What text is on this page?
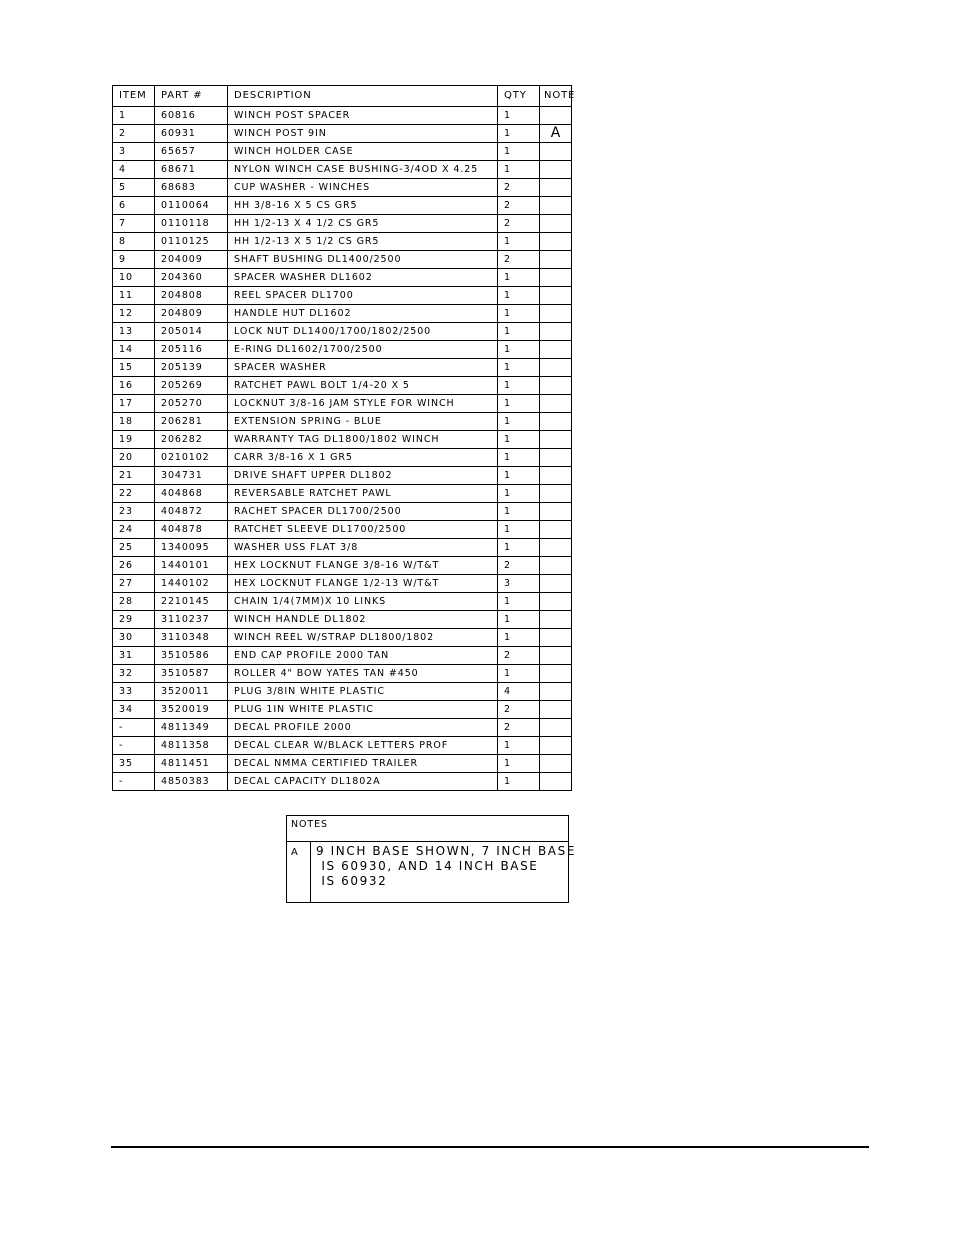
ITEM	PART #	DESCRIPTION	QTY	NOTE
1	60816	WINCH POST SPACER	1	
2	60931	WINCH POST 9IN	1	A
3	65657	WINCH HOLDER CASE	1	
4	68671	NYLON WINCH CASE BUSHING-3/4OD X 4.25	1	
5	68683	CUP WASHER - WINCHES	2	
6	0110064	HH 3/8-16 X 5 CS GR5	2	
7	0110118	HH 1/2-13 X 4 1/2 CS GR5	2	
8	0110125	HH 1/2-13 X 5 1/2 CS GR5	1	
9	204009	SHAFT BUSHING DL1400/2500	2	
10	204360	SPACER WASHER DL1602	1	
11	204808	REEL SPACER DL1700	1	
12	204809	HANDLE HUT DL1602	1	
13	205014	LOCK NUT DL1400/1700/1802/2500	1	
14	205116	E-RING DL1602/1700/2500	1	
15	205139	SPACER WASHER	1	
16	205269	RATCHET PAWL BOLT 1/4-20 X 5	1	
17	205270	LOCKNUT 3/8-16 JAM STYLE FOR WINCH	1	
18	206281	EXTENSION SPRING - BLUE	1	
19	206282	WARRANTY TAG DL1800/1802 WINCH	1	
20	0210102	CARR 3/8-16 X 1 GR5	1	
21	304731	DRIVE SHAFT UPPER DL1802	1	
22	404868	REVERSABLE RATCHET PAWL	1	
23	404872	RACHET SPACER DL1700/2500	1	
24	404878	RATCHET SLEEVE DL1700/2500	1	
25	1340095	WASHER USS FLAT 3/8	1	
26	1440101	HEX LOCKNUT FLANGE 3/8-16 W/T&T	2	
27	1440102	HEX LOCKNUT FLANGE 1/2-13 W/T&T	3	
28	2210145	CHAIN 1/4(7MM)X 10 LINKS	1	
29	3110237	WINCH HANDLE DL1802	1	
30	3110348	WINCH REEL W/STRAP DL1800/1802	1	
31	3510586	END CAP PROFILE 2000 TAN	2	
32	3510587	ROLLER 4" BOW YATES TAN #450	1	
33	3520011	PLUG 3/8IN WHITE PLASTIC	4	
34	3520019	PLUG 1IN WHITE PLASTIC	2	
-	4811349	DECAL PROFILE 2000	2	
-	4811358	DECAL CLEAR W/BLACK LETTERS PROF	1	
35	4811451	DECAL NMMA CERTIFIED TRAILER	1	
-	4850383	DECAL CAPACITY DL1802A	1	
NOTES
A	9 INCH BASE SHOWN, 7 INCH BASE
IS 60930, AND 14 INCH BASE
IS 60932
